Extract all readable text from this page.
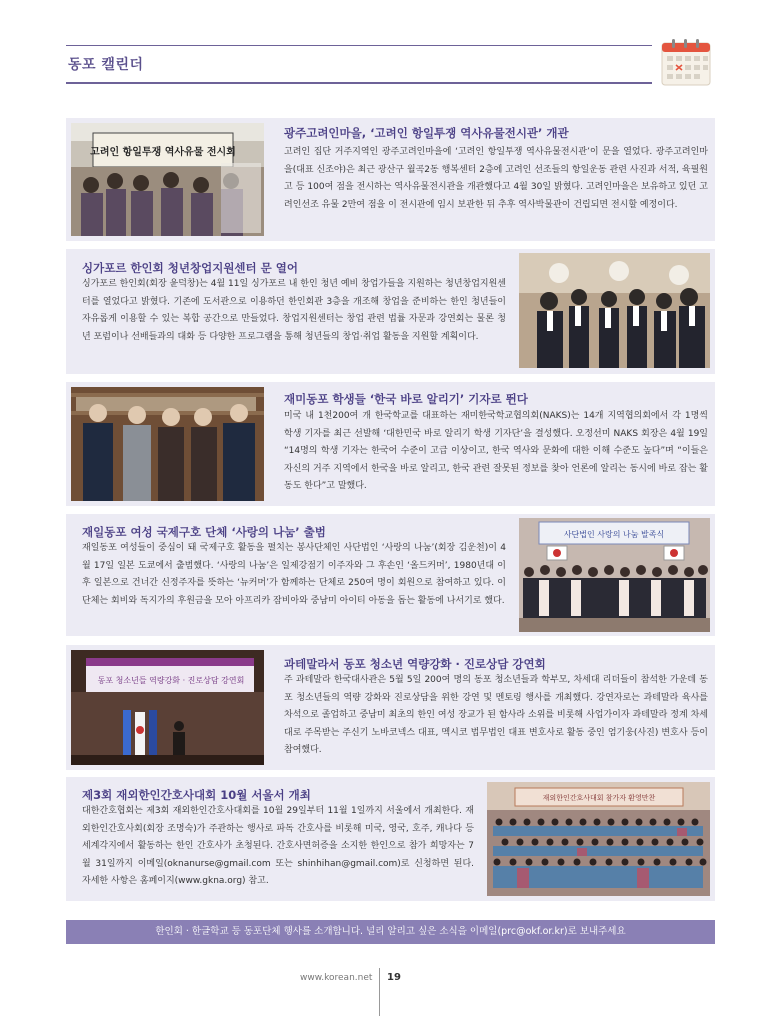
동포 캘린더
고려인 항일투쟁 역사유물 전시회
광주고려인마을, ‘고려인 항일투쟁 역사유물전시관’ 개관
고려인 집단 거주지역인 광주고려인마을에 ‘고려인 항일투쟁 역사유물전시관’이 문을 열었다. 광주고려인마을(대표 신조야)은 최근 광산구 월곡2동 행복센터 2층에 고려인 선조들의 항일운동 관련 사진과 서적, 육필원고 등 100여 점을 전시하는 역사유물전시관을 개관했다고 4월 30일 밝혔다. 고려인마을은 보유하고 있던 고려인선조 유물 2만여 점을 이 전시관에 임시 보관한 뒤 추후 역사박물관이 건립되면 전시할 예정이다.
싱가포르 한인회 청년창업지원센터 문 열어
싱가포르 한인회(회장 윤덕창)는 4월 11일 싱가포르 내 한인 청년 예비 창업가들을 지원하는 청년창업지원센터를 열었다고 밝혔다. 기존에 도서관으로 이용하던 한인회관 3층을 개조해 창업을 준비하는 한인 청년들이 자유롭게 이용할 수 있는 복합 공간으로 만들었다. 창업지원센터는 창업 관련 법률 자문과 강연회는 물론 청년 포럼이나 선배들과의 대화 등 다양한 프로그램을 통해 청년들의 창업·취업 활동을 지원할 계획이다.
재미동포 학생들 ‘한국 바로 알리기’ 기자로 뛴다
미국 내 1천200여 개 한국학교를 대표하는 재미한국학교협의회(NAKS)는 14개 지역협의회에서 각 1명씩 학생 기자를 최근 선발해 ‘대한민국 바로 알리기 학생 기자단’을 결성했다. 오정선미 NAKS 회장은 4월 19일 “14명의 학생 기자는 한국어 수준이 고급 이상이고, 한국 역사와 문화에 대한 이해 수준도 높다”며 “이들은 자신의 거주 지역에서 한국을 바로 알리고, 한국 관련 잘못된 정보를 찾아 언론에 알리는 동시에 바로 잡는 활동도 한다”고 말했다.
재일동포 여성 국제구호 단체 ‘사랑의 나눔’ 출범
재일동포 여성들이 중심이 돼 국제구호 활동을 펼치는 봉사단체인 사단법인 ‘사랑의 나눔’(회장 김운천)이 4월 17일 일본 도쿄에서 출범했다. ‘사랑의 나눔’은 일제강점기 이주자와 그 후손인 ‘올드커머’, 1980년대 이후 일본으로 건너간 신정주자를 뜻하는 ‘뉴커머’가 함께하는 단체로 250여 명이 회원으로 참여하고 있다. 이 단체는 회비와 독지가의 후원금을 모아 아프리카 잠비아와 중남미 아이티 아동을 돕는 활동에 나서기로 했다.
사단법인 사랑의 나눔 발족식
동포 청소년들 역량강화 · 진로상담 강연회
과테말라서 동포 청소년 역량강화 · 진로상담 강연회
주 과테말라 한국대사관은 5월 5일 200여 명의 동포 청소년들과 학부모, 차세대 리더들이 참석한 가운데 동포 청소년들의 역량 강화와 진로상담을 위한 강연 및 멘토링 행사를 개최했다. 강연자로는 과테말라 육사를 차석으로 졸업하고 중남미 최초의 한인 여성 장교가 된 함사라 소위를 비롯해 사업가이자 과테말라 정계 차세대로 주목받는 주신기 노바코넥스 대표, 멕시코 법무법인 대표 변호사로 활동 중인 엄기웅(사진) 변호사 등이 참여했다.
제3회 재외한인간호사대회 10월 서울서 개최
대한간호협회는 제3회 재외한인간호사대회를 10월 29일부터 11월 1일까지 서울에서 개최한다. 재외한인간호사회(회장 조명숙)가 주관하는 행사로 파독 간호사를 비롯해 미국, 영국, 호주, 캐나다 등 세계각지에서 활동하는 한인 간호사가 초청된다. 간호사면허증을 소지한 한인으로 참가 희망자는 7월 31일까지 이메일(oknanurse@gmail.com 또는 shinhihan@gmail.com)로 신청하면 된다. 자세한 사항은 홈페이지(www.gkna.org) 참고.
재외한인간호사대회 참가자 환영만찬
한인회 · 한글학교 등 동포단체 행사를 소개합니다. 널리 알리고 싶은 소식을 이메일(prc@okf.or.kr)로 보내주세요
www.korean.net 19
